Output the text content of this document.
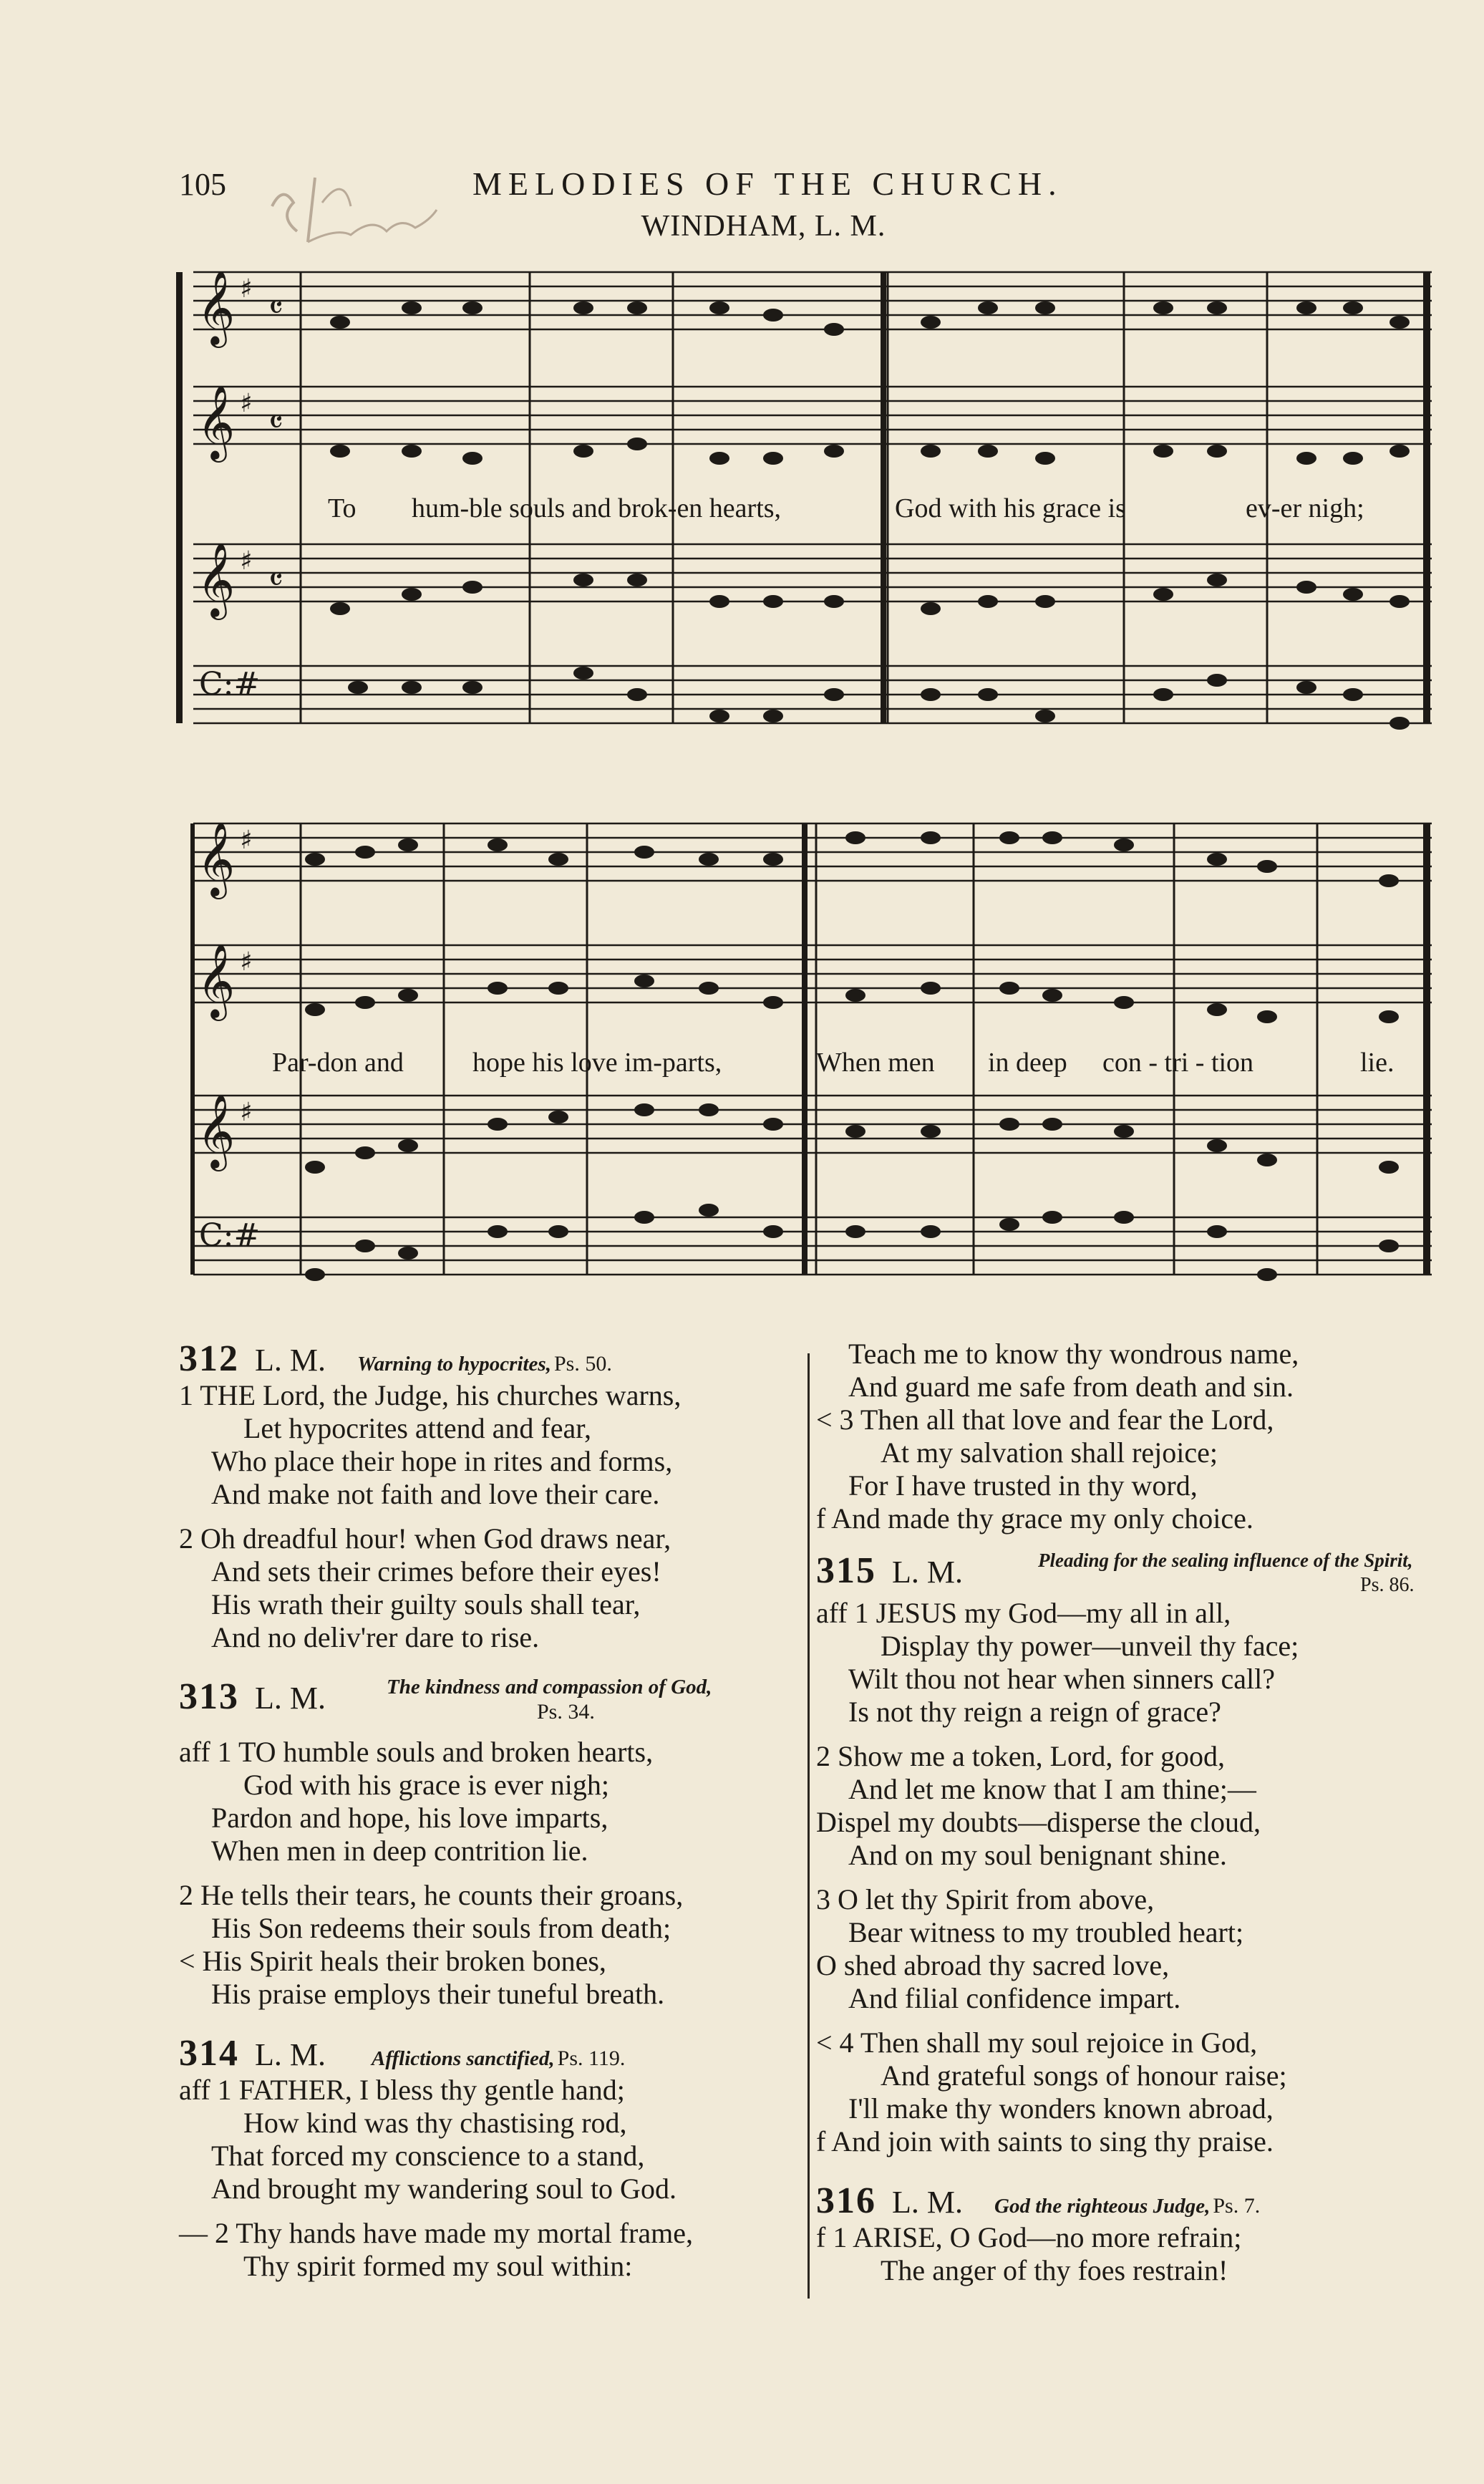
105	MELODIES OF THE CHURCH.
WINDHAM, L. M.
𝄞
𝄞
𝄞
C:#
♯
♯
♯
𝄴
𝄴
𝄴
To hum-ble souls and brok-en hearts,	God with his grace is	ev-er nigh;
𝄞
𝄞
𝄞
C:#
♯
♯
♯
Par-don and	hope his love im-parts,	When men in deep con - tri - tion	lie.
312 L. M. Warning to hypocrites, Ps. 50.
1 THE Lord, the Judge, his churches warns,
Let hypocrites attend and fear,
Who place their hope in rites and forms,
And make not faith and love their care.
2 Oh dreadful hour! when God draws near,
And sets their crimes before their eyes!
His wrath their guilty souls shall tear,
And no deliv'rer dare to rise.
313 L. M.	The kindness and compassion of God,
Ps. 34.
aff 1 TO humble souls and broken hearts,
God with his grace is ever nigh;
Pardon and hope, his love imparts,
When men in deep contrition lie.
2 He tells their tears, he counts their groans,
His Son redeems their souls from death;
< His Spirit heals their broken bones,
His praise employs their tuneful breath.
314 L. M. Afflictions sanctified, Ps. 119.
aff 1 FATHER, I bless thy gentle hand;
How kind was thy chastising rod,
That forced my conscience to a stand,
And brought my wandering soul to God.
— 2 Thy hands have made my mortal frame,
Thy spirit formed my soul within:
Teach me to know thy wondrous name,
And guard me safe from death and sin.
< 3 Then all that love and fear the Lord,
At my salvation shall rejoice;
For I have trusted in thy word,
f And made thy grace my only choice.
315 L. M.	Pleading for the sealing influence of the Spirit,
Ps. 86.
aff 1 JESUS my God—my all in all,
Display thy power—unveil thy face;
Wilt thou not hear when sinners call?
Is not thy reign a reign of grace?
2 Show me a token, Lord, for good,
And let me know that I am thine;—
Dispel my doubts—disperse the cloud,
And on my soul benignant shine.
3 O let thy Spirit from above,
Bear witness to my troubled heart;
O shed abroad thy sacred love,
And filial confidence impart.
< 4 Then shall my soul rejoice in God,
And grateful songs of honour raise;
I'll make thy wonders known abroad,
f And join with saints to sing thy praise.
316 L. M. God the righteous Judge, Ps. 7.
f 1 ARISE, O God—no more refrain;
The anger of thy foes restrain!
